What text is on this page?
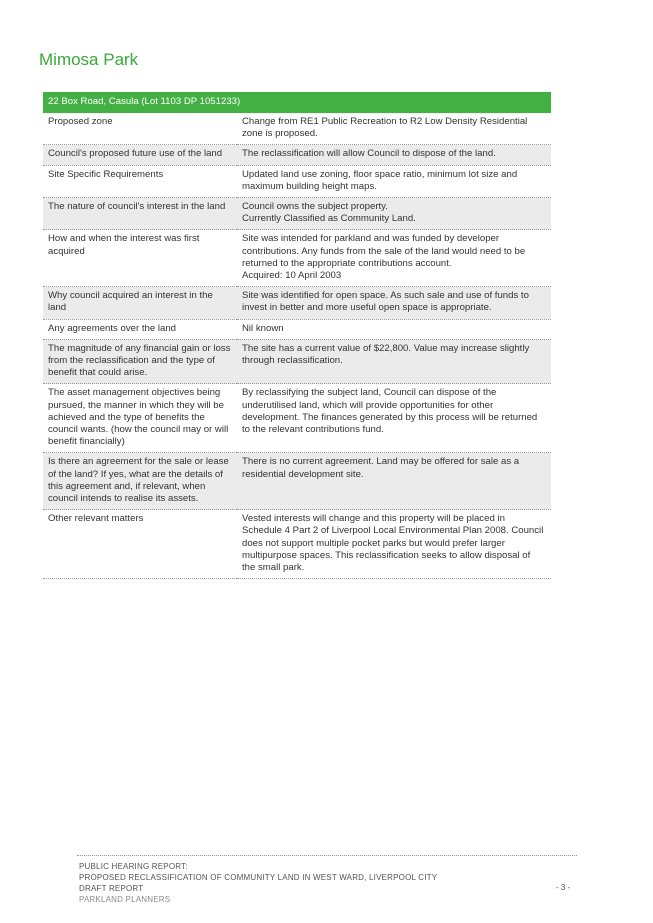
Mimosa Park
22 Box Road, Casula (Lot 1103 DP 1051233)	
Proposed zone	Change from RE1 Public Recreation to R2 Low Density Residential zone is proposed.

Council's proposed future use of the land	The reclassification will allow Council to dispose of the land.

Site Specific Requirements	Updated land use zoning, floor space ratio, minimum lot size and maximum building height maps.

The nature of council's interest in the land	Council owns the subject property.
Currently Classified as Community Land.

How and when the interest was first acquired	Site was intended for parkland and was funded by developer contributions. Any funds from the sale of the land would need to be returned to the appropriate contributions account.
Acquired: 10 April 2003

Why council acquired an interest in the land	Site was identified for open space. As such sale and use of funds to invest in better and more useful open space is appropriate.

Any agreements over the land	Nil known

The magnitude of any financial gain or loss from the reclassification and the type of benefit that could arise.	The site has a current value of $22,800. Value may increase slightly through reclassification.

The asset management objectives being pursued, the manner in which they will be achieved and the type of benefits the council wants. (how the council may or will benefit financially)	By reclassifying the subject land, Council can dispose of the underutilised land, which will provide opportunities for other development. The finances generated by this process will be returned to the relevant contributions fund.

Is there an agreement for the sale or lease of the land? If yes, what are the details of this agreement and, if relevant, when council intends to realise its assets.	There is no current agreement. Land may be offered for sale as a residential development site.

Other relevant matters	Vested interests will change and this property will be placed in Schedule 4 Part 2 of Liverpool Local Environmental Plan 2008. Council does not support multiple pocket parks but would prefer larger multipurpose spaces. This reclassification seeks to allow disposal of the small park.
PUBLIC HEARING REPORT:
PROPOSED RECLASSIFICATION OF COMMUNITY LAND IN WEST WARD, LIVERPOOL CITY
DRAFT REPORT
PARKLAND PLANNERS
- 3 -
